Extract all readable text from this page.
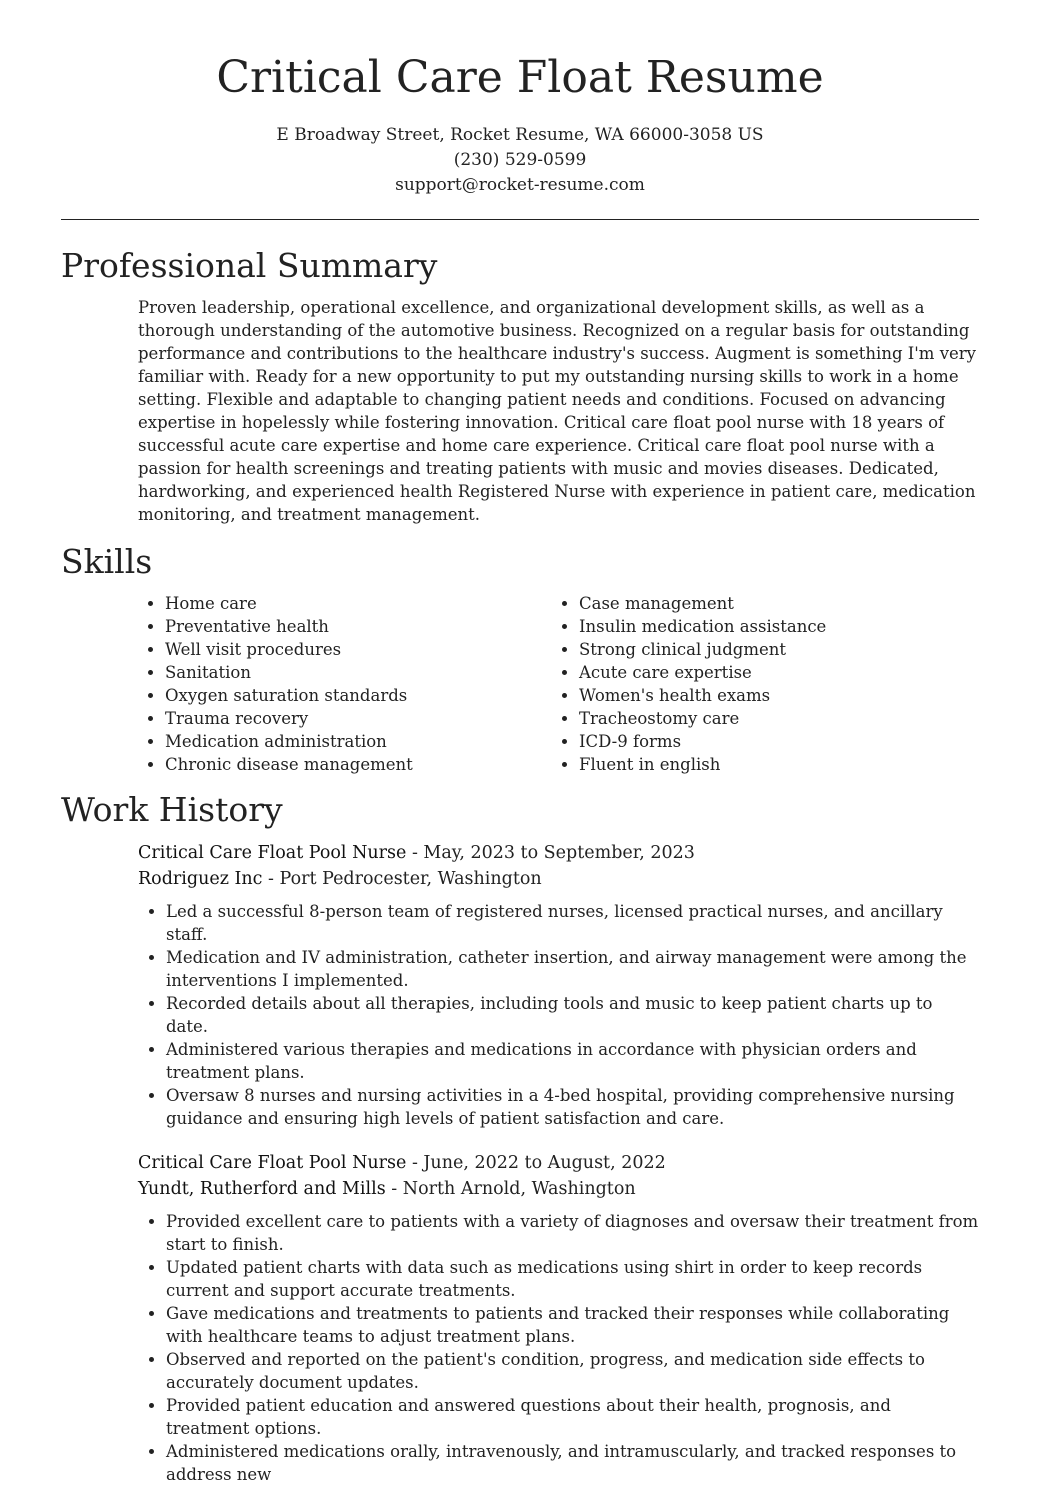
Critical Care Float Resume

E Broadway Street, Rocket Resume, WA 66000-3058 US

(230) 529-0599

support@rocket-resume.com

Professional Summary

Proven leadership, operational excellence, and organizational development skills, as well as a thorough understanding of the automotive business. Recognized on a regular basis for outstanding performance and contributions to the healthcare industry's success. Augment is something I'm very familiar with. Ready for a new opportunity to put my outstanding nursing skills to work in a home setting. Flexible and adaptable to changing patient needs and conditions. Focused on advancing expertise in hopelessly while fostering innovation. Critical care float pool nurse with 18 years of successful acute care expertise and home care experience. Critical care float pool nurse with a passion for health screenings and treating patients with music and movies diseases. Dedicated, hardworking, and experienced health Registered Nurse with experience in patient care, medication monitoring, and treatment management.

Skills
• Home care
• Preventative health
• Well visit procedures
• Sanitation
• Oxygen saturation standards
• Trauma recovery
• Medication administration
• Chronic disease management
• Case management
• Insulin medication assistance
• Strong clinical judgment
• Acute care expertise
• Women's health exams
• Tracheostomy care
• ICD-9 forms
• Fluent in english
Work History

Critical Care Float Pool Nurse - May, 2023 to September, 2023

Rodriguez Inc - Port Pedrocester, Washington

• Led a successful 8-person team of registered nurses, licensed practical nurses, and ancillary staff.
• Medication and IV administration, catheter insertion, and airway management were among the interventions I implemented.
• Recorded details about all therapies, including tools and music to keep patient charts up to date.
• Administered various therapies and medications in accordance with physician orders and treatment plans.
• Oversaw 8 nurses and nursing activities in a 4-bed hospital, providing comprehensive nursing guidance and ensuring high levels of patient satisfaction and care.

Critical Care Float Pool Nurse - June, 2022 to August, 2022

Yundt, Rutherford and Mills - North Arnold, Washington

• Provided excellent care to patients with a variety of diagnoses and oversaw their treatment from start to finish.
• Updated patient charts with data such as medications using shirt in order to keep records current and support accurate treatments.
• Gave medications and treatments to patients and tracked their responses while collaborating with healthcare teams to adjust treatment plans.
• Observed and reported on the patient's condition, progress, and medication side effects to accurately document updates.
• Provided patient education and answered questions about their health, prognosis, and treatment options.
• Administered medications orally, intravenously, and intramuscularly, and tracked responses to address new
